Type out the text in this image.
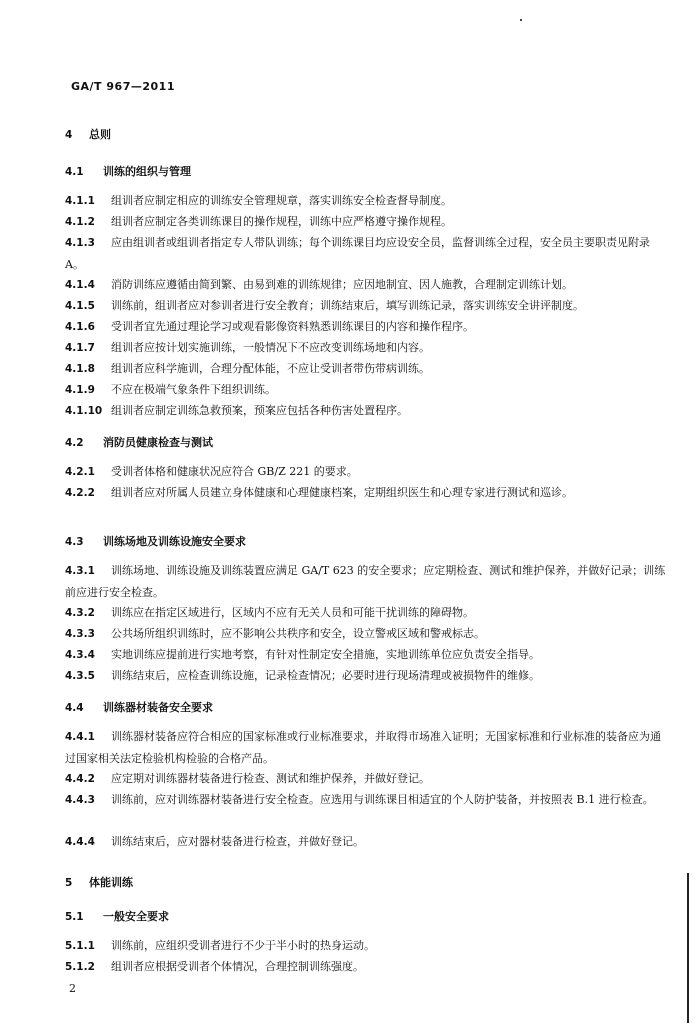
GA/T 967—2011
4 总则
4.1 训练的组织与管理
4.1.1 组训者应制定相应的训练安全管理规章，落实训练安全检查督导制度。
4.1.2 组训者应制定各类训练课目的操作规程，训练中应严格遵守操作规程。
4.1.3 应由组训者或组训者指定专人带队训练；每个训练课目均应设安全员，监督训练全过程，安全员主要职责见附录 A。
4.1.4 消防训练应遵循由简到繁、由易到难的训练规律；应因地制宜、因人施教，合理制定训练计划。
4.1.5 训练前，组训者应对参训者进行安全教育；训练结束后，填写训练记录，落实训练安全讲评制度。
4.1.6 受训者宜先通过理论学习或观看影像资料熟悉训练课目的内容和操作程序。
4.1.7 组训者应按计划实施训练，一般情况下不应改变训练场地和内容。
4.1.8 组训者应科学施训，合理分配体能，不应让受训者带伤带病训练。
4.1.9 不应在极端气象条件下组织训练。
4.1.10 组训者应制定训练急救预案，预案应包括各种伤害处置程序。
4.2 消防员健康检查与测试
4.2.1 受训者体格和健康状况应符合 GB/Z 221 的要求。
4.2.2 组训者应对所属人员建立身体健康和心理健康档案，定期组织医生和心理专家进行测试和巡诊。
4.3 训练场地及训练设施安全要求
4.3.1 训练场地、训练设施及训练装置应满足 GA/T 623 的安全要求；应定期检查、测试和维护保养，并做好记录；训练前应进行安全检查。
4.3.2 训练应在指定区域进行，区域内不应有无关人员和可能干扰训练的障碍物。
4.3.3 公共场所组织训练时，应不影响公共秩序和安全，设立警戒区域和警戒标志。
4.3.4 实地训练应提前进行实地考察，有针对性制定安全措施，实地训练单位应负责安全指导。
4.3.5 训练结束后，应检查训练设施，记录检查情况；必要时进行现场清理或被损物件的维修。
4.4 训练器材装备安全要求
4.4.1 训练器材装备应符合相应的国家标准或行业标准要求，并取得市场准入证明；无国家标准和行业标准的装备应为通过国家相关法定检验机构检验的合格产品。
4.4.2 应定期对训练器材装备进行检查、测试和维护保养，并做好登记。
4.4.3 训练前，应对训练器材装备进行安全检查。应选用与训练课目相适宜的个人防护装备，并按照表 B.1 进行检查。
4.4.4 训练结束后，应对器材装备进行检查，并做好登记。
5 体能训练
5.1 一般安全要求
5.1.1 训练前，应组织受训者进行不少于半小时的热身运动。
5.1.2 组训者应根据受训者个体情况，合理控制训练强度。
2
